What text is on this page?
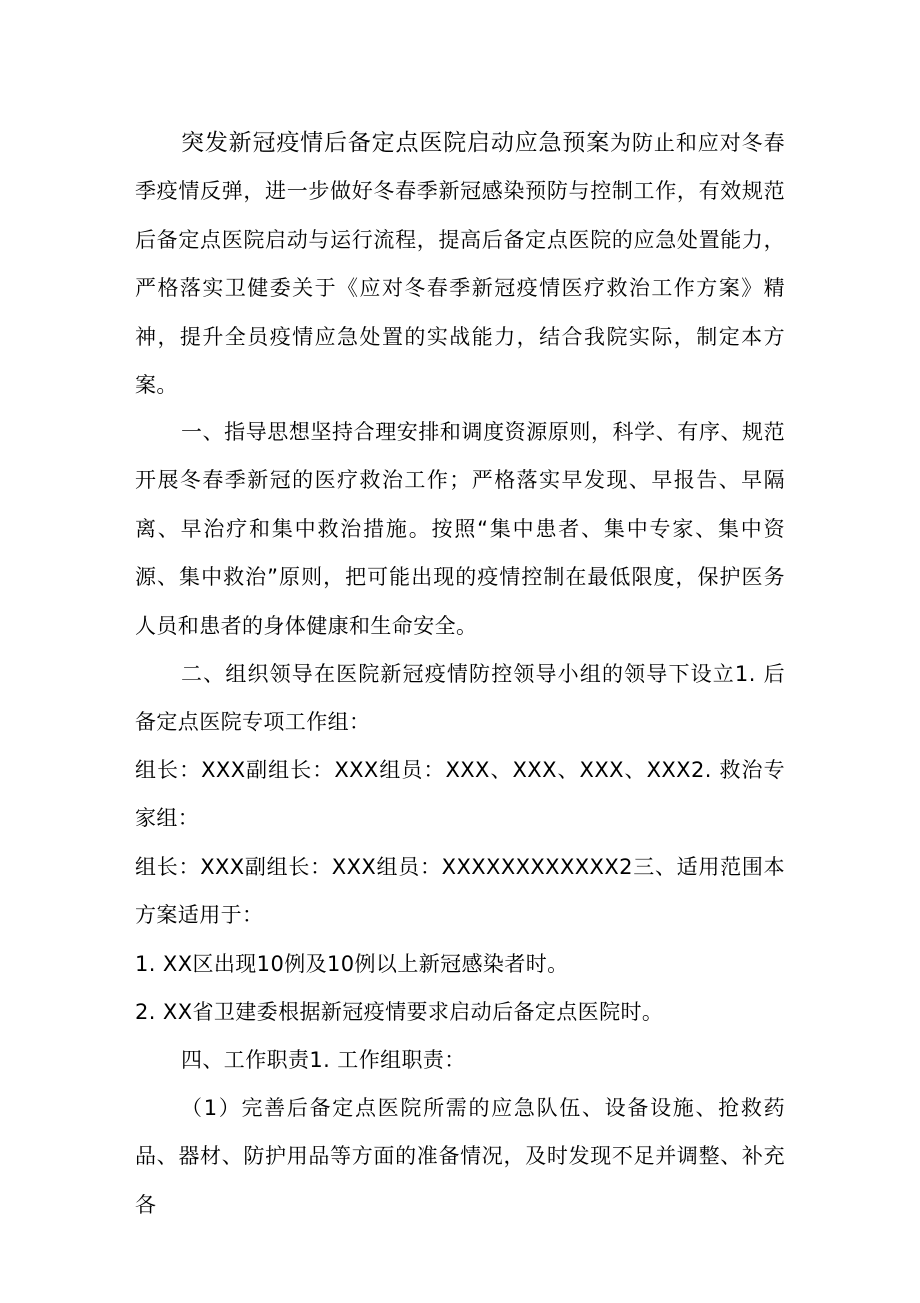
突发新冠疫情后备定点医院启动应急预案为防止和应对冬春季疫情反弹，进一步做好冬春季新冠感染预防与控制工作，有效规范后备定点医院启动与运行流程，提高后备定点医院的应急处置能力，严格落实卫健委关于《应对冬春季新冠疫情医疗救治工作方案》精神，提升全员疫情应急处置的实战能力，结合我院实际，制定本方案。

一、指导思想坚持合理安排和调度资源原则，科学、有序、规范开展冬春季新冠的医疗救治工作；严格落实早发现、早报告、早隔离、早治疗和集中救治措施。按照“集中患者、集中专家、集中资源、集中救治”原则，把可能出现的疫情控制在最低限度，保护医务人员和患者的身体健康和生命安全。

二、组织领导在医院新冠疫情防控领导小组的领导下设立1. 后备定点医院专项工作组：

组长：XXX副组长：XXX组员：XXX、XXX、XXX、XXX2. 救治专家组：

组长：XXX副组长：XXX组员：XXXXXXXXXXXX2三、适用范围本方案适用于：

1. XX区出现10例及10例以上新冠感染者时。

2. XX省卫建委根据新冠疫情要求启动后备定点医院时。

四、工作职责1. 工作组职责：

（1）完善后备定点医院所需的应急队伍、设备设施、抢救药品、器材、防护用品等方面的准备情况，及时发现不足并调整、补充各
